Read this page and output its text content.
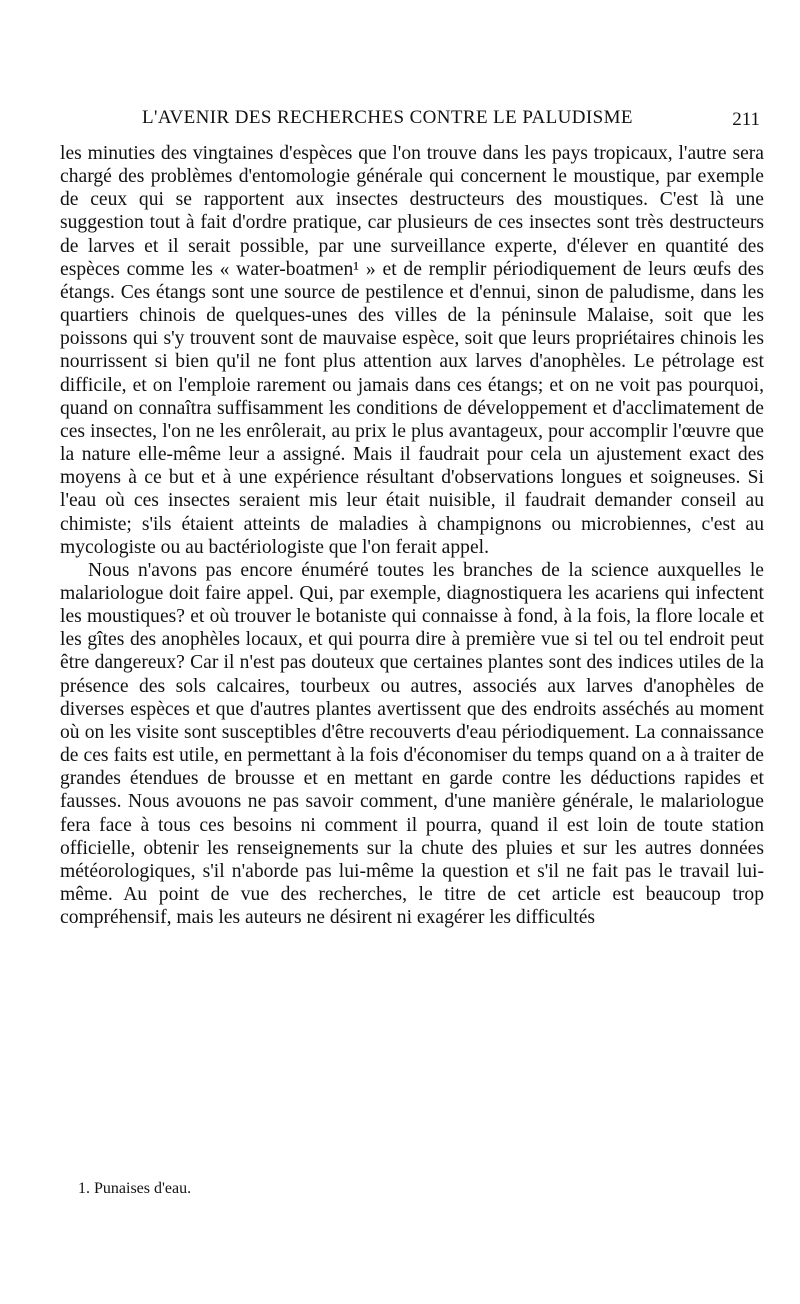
L'AVENIR DES RECHERCHES CONTRE LE PALUDISME	211

les minuties des vingtaines d'espèces que l'on trouve dans les pays tropicaux, l'autre sera chargé des problèmes d'entomologie générale qui concernent le moustique, par exemple de ceux qui se rapportent aux insectes destructeurs des moustiques. C'est là une suggestion tout à fait d'ordre pratique, car plusieurs de ces insectes sont très destructeurs de larves et il serait possible, par une surveillance experte, d'élever en quantité des espèces comme les « water-boatmen¹ » et de remplir périodiquement de leurs œufs des étangs. Ces étangs sont une source de pestilence et d'ennui, sinon de paludisme, dans les quartiers chinois de quelques-unes des villes de la péninsule Malaise, soit que les poissons qui s'y trouvent sont de mauvaise espèce, soit que leurs propriétaires chinois les nourrissent si bien qu'il ne font plus attention aux larves d'anophèles. Le pétrolage est difficile, et on l'emploie rarement ou jamais dans ces étangs; et on ne voit pas pourquoi, quand on connaîtra suffisamment les conditions de développement et d'acclimatement de ces insectes, l'on ne les enrôlerait, au prix le plus avantageux, pour accomplir l'œuvre que la nature elle-même leur a assigné. Mais il faudrait pour cela un ajustement exact des moyens à ce but et à une expérience résultant d'observations longues et soigneuses. Si l'eau où ces insectes seraient mis leur était nuisible, il faudrait demander conseil au chimiste; s'ils étaient atteints de maladies à champignons ou microbiennes, c'est au mycologiste ou au bactériologiste que l'on ferait appel.

Nous n'avons pas encore énuméré toutes les branches de la science auxquelles le malariologue doit faire appel. Qui, par exemple, diagnostiquera les acariens qui infectent les moustiques? et où trouver le botaniste qui connaisse à fond, à la fois, la flore locale et les gîtes des anophèles locaux, et qui pourra dire à première vue si tel ou tel endroit peut être dangereux? Car il n'est pas douteux que certaines plantes sont des indices utiles de la présence des sols calcaires, tourbeux ou autres, associés aux larves d'anophèles de diverses espèces et que d'autres plantes avertissent que des endroits asséchés au moment où on les visite sont susceptibles d'être recouverts d'eau périodiquement. La connaissance de ces faits est utile, en permettant à la fois d'économiser du temps quand on a à traiter de grandes étendues de brousse et en mettant en garde contre les déductions rapides et fausses. Nous avouons ne pas savoir comment, d'une manière générale, le malariologue fera face à tous ces besoins ni comment il pourra, quand il est loin de toute station officielle, obtenir les renseignements sur la chute des pluies et sur les autres données météorologiques, s'il n'aborde pas lui-même la question et s'il ne fait pas le travail lui-même. Au point de vue des recherches, le titre de cet article est beaucoup trop compréhensif, mais les auteurs ne désirent ni exagérer les difficultés

1. Punaises d'eau.
